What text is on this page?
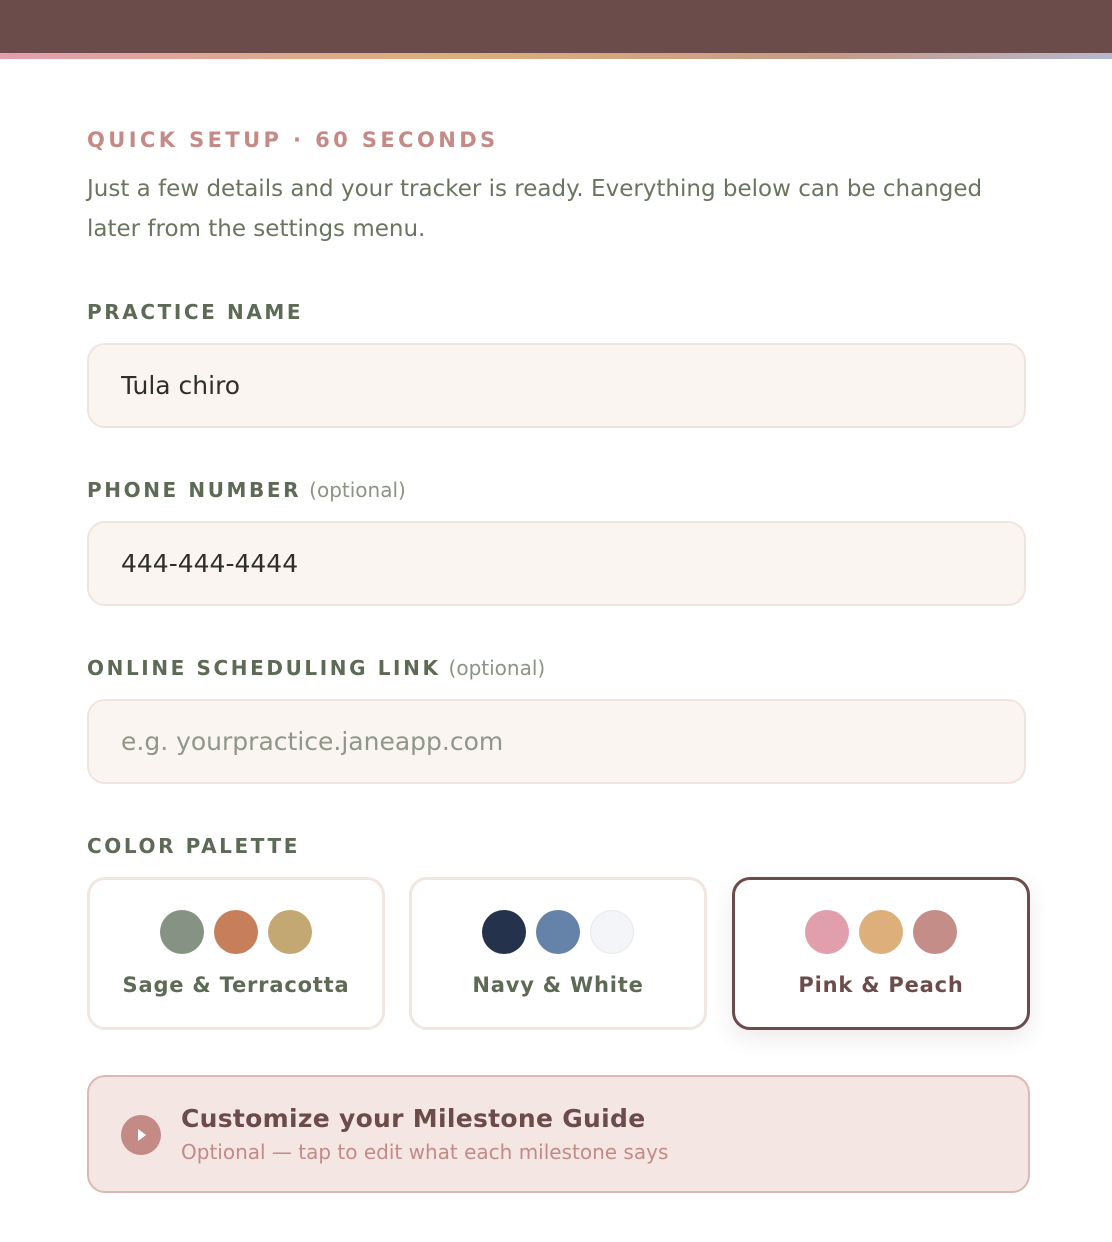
QUICK SETUP · 60 SECONDS
Just a few details and your tracker is ready. Everything below can be changed later from the settings menu.
PRACTICE NAME
Tula chiro
PHONE NUMBER (optional)
444-444-4444
ONLINE SCHEDULING LINK (optional)
e.g. yourpractice.janeapp.com
COLOR PALETTE
Sage & Terracotta	Navy & White	Pink & Peach
Customize your Milestone Guide
Optional — tap to edit what each milestone says
